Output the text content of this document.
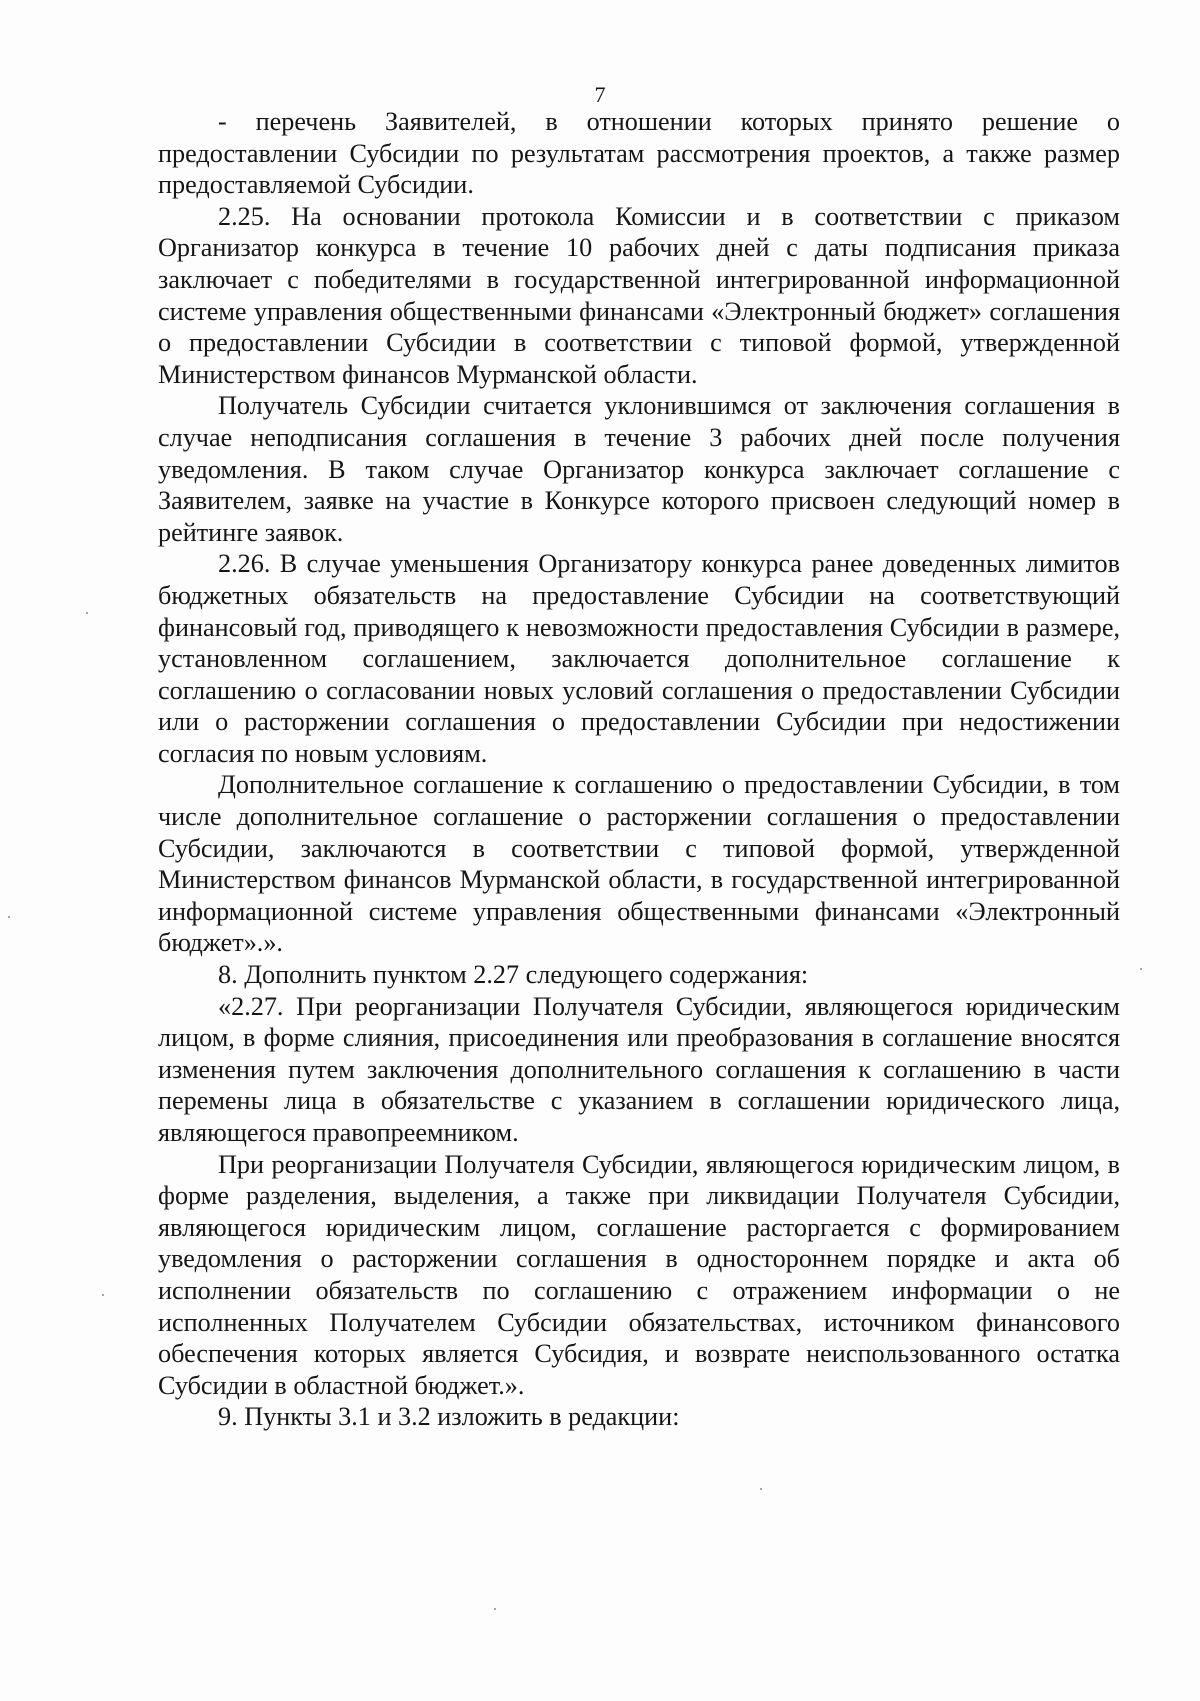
7

- перечень Заявителей, в отношении которых принято решение о предоставлении Субсидии по результатам рассмотрения проектов, а также размер предоставляемой Субсидии.

2.25. На основании протокола Комиссии и в соответствии с приказом Организатор конкурса в течение 10 рабочих дней с даты подписания приказа заключает с победителями в государственной интегрированной информационной системе управления общественными финансами «Электронный бюджет» соглашения о предоставлении Субсидии в соответствии с типовой формой, утвержденной Министерством финансов Мурманской области.

Получатель Субсидии считается уклонившимся от заключения соглашения в случае неподписания соглашения в течение 3 рабочих дней после получения уведомления. В таком случае Организатор конкурса заключает соглашение с Заявителем, заявке на участие в Конкурсе которого присвоен следующий номер в рейтинге заявок.

2.26. В случае уменьшения Организатору конкурса ранее доведенных лимитов бюджетных обязательств на предоставление Субсидии на соответствующий финансовый год, приводящего к невозможности предоставления Субсидии в размере, установленном соглашением, заключается дополнительное соглашение к соглашению о согласовании новых условий соглашения о предоставлении Субсидии или о расторжении соглашения о предоставлении Субсидии при недостижении согласия по новым условиям.

Дополнительное соглашение к соглашению о предоставлении Субсидии, в том числе дополнительное соглашение о расторжении соглашения о предоставлении Субсидии, заключаются в соответствии с типовой формой, утвержденной Министерством финансов Мурманской области, в государственной интегрированной информационной системе управления общественными финансами «Электронный бюджет».».

8. Дополнить пунктом 2.27 следующего содержания:

«2.27. При реорганизации Получателя Субсидии, являющегося юридическим лицом, в форме слияния, присоединения или преобразования в соглашение вносятся изменения путем заключения дополнительного соглашения к соглашению в части перемены лица в обязательстве с указанием в соглашении юридического лица, являющегося правопреемником.

При реорганизации Получателя Субсидии, являющегося юридическим лицом, в форме разделения, выделения, а также при ликвидации Получателя Субсидии, являющегося юридическим лицом, соглашение расторгается с формированием уведомления о расторжении соглашения в одностороннем порядке и акта об исполнении обязательств по соглашению с отражением информации о не исполненных Получателем Субсидии обязательствах, источником финансового обеспечения которых является Субсидия, и возврате неиспользованного остатка Субсидии в областной бюджет.».

9. Пункты 3.1 и 3.2 изложить в редакции:
